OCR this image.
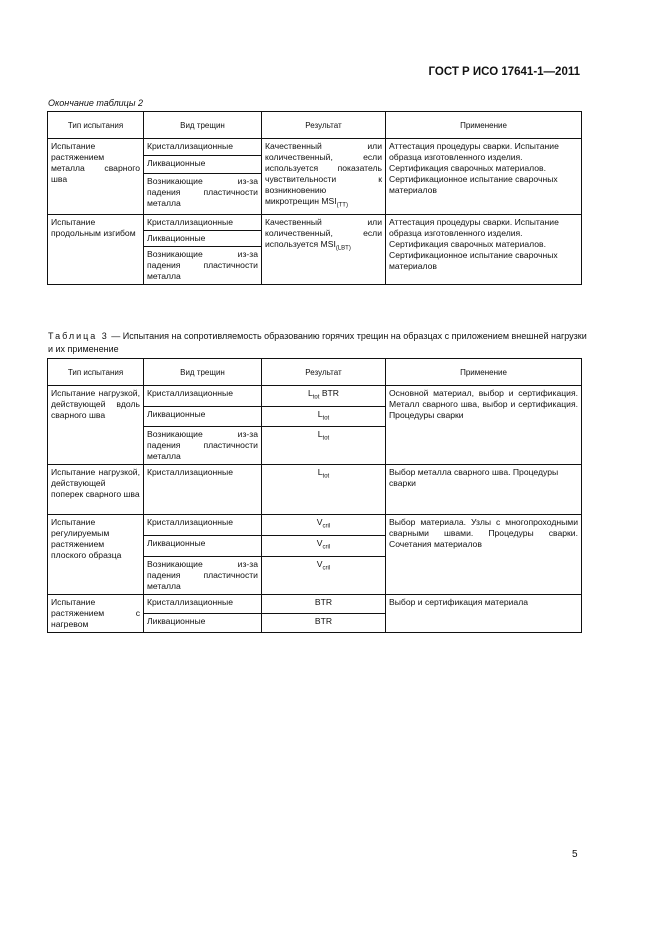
ГОСТ Р ИСО 17641-1—2011
Окончание таблицы 2
Тип испытания	Вид трещин	Результат	Применение
Испытание растяжением металла сварного шва	Кристаллизационные	Качественный или количественный, если используется показатель чувствительности к возникновению микротрещин $MSI_{(TT)}$	Аттестация процедуры сварки. Испытание образца изготовленного изделия. Сертификация сварочных материалов. Сертификационное испытание сварочных материалов
	Ликвационные		
	Возникающие из-за падения пластичности металла		
Испытание продольным изгибом	Кристаллизационные	Качественный или количественный, если используется $MSI_{(LBT)}$	Аттестация процедуры сварки. Испытание образца изготовленного изделия. Сертификация сварочных материалов. Сертификационное испытание сварочных материалов
	Ликвационные		
	Возникающие из-за падения пластичности металла		
Таблица 3 — Испытания на сопротивляемость образованию горячих трещин на образцах с приложением внешней нагрузки и их применение
Тип испытания	Вид трещин	Результат	Применение
Испытание нагрузкой, действующей вдоль сварного шва	Кристаллизационные	$L_{tot}$ BTR	Основной материал, выбор и сертификация. Металл сварного шва, выбор и сертификация. Процедуры сварки
	Ликвационные	$L_{tot}$
	Возникающие из-за падения пластичности металла	$L_{tot}$
Испытание нагрузкой, действующей поперек сварного шва	Кристаллизационные	$L_{tot}$	Выбор металла сварного шва. Процедуры сварки
Испытание регулируемым растяжением плоского образца	Кристаллизационные	$V_{cril}$	Выбор материала. Узлы с многопроходными сварными швами. Процедуры сварки. Сочетания материалов
	Ликвационные	$V_{cril}$
	Возникающие из-за падения пластичности металла	$V_{cril}$
Испытание растяжением с нагревом	Кристаллизационные	BTR	Выбор и сертификация материала
	Ликвационные	BTR	
5
